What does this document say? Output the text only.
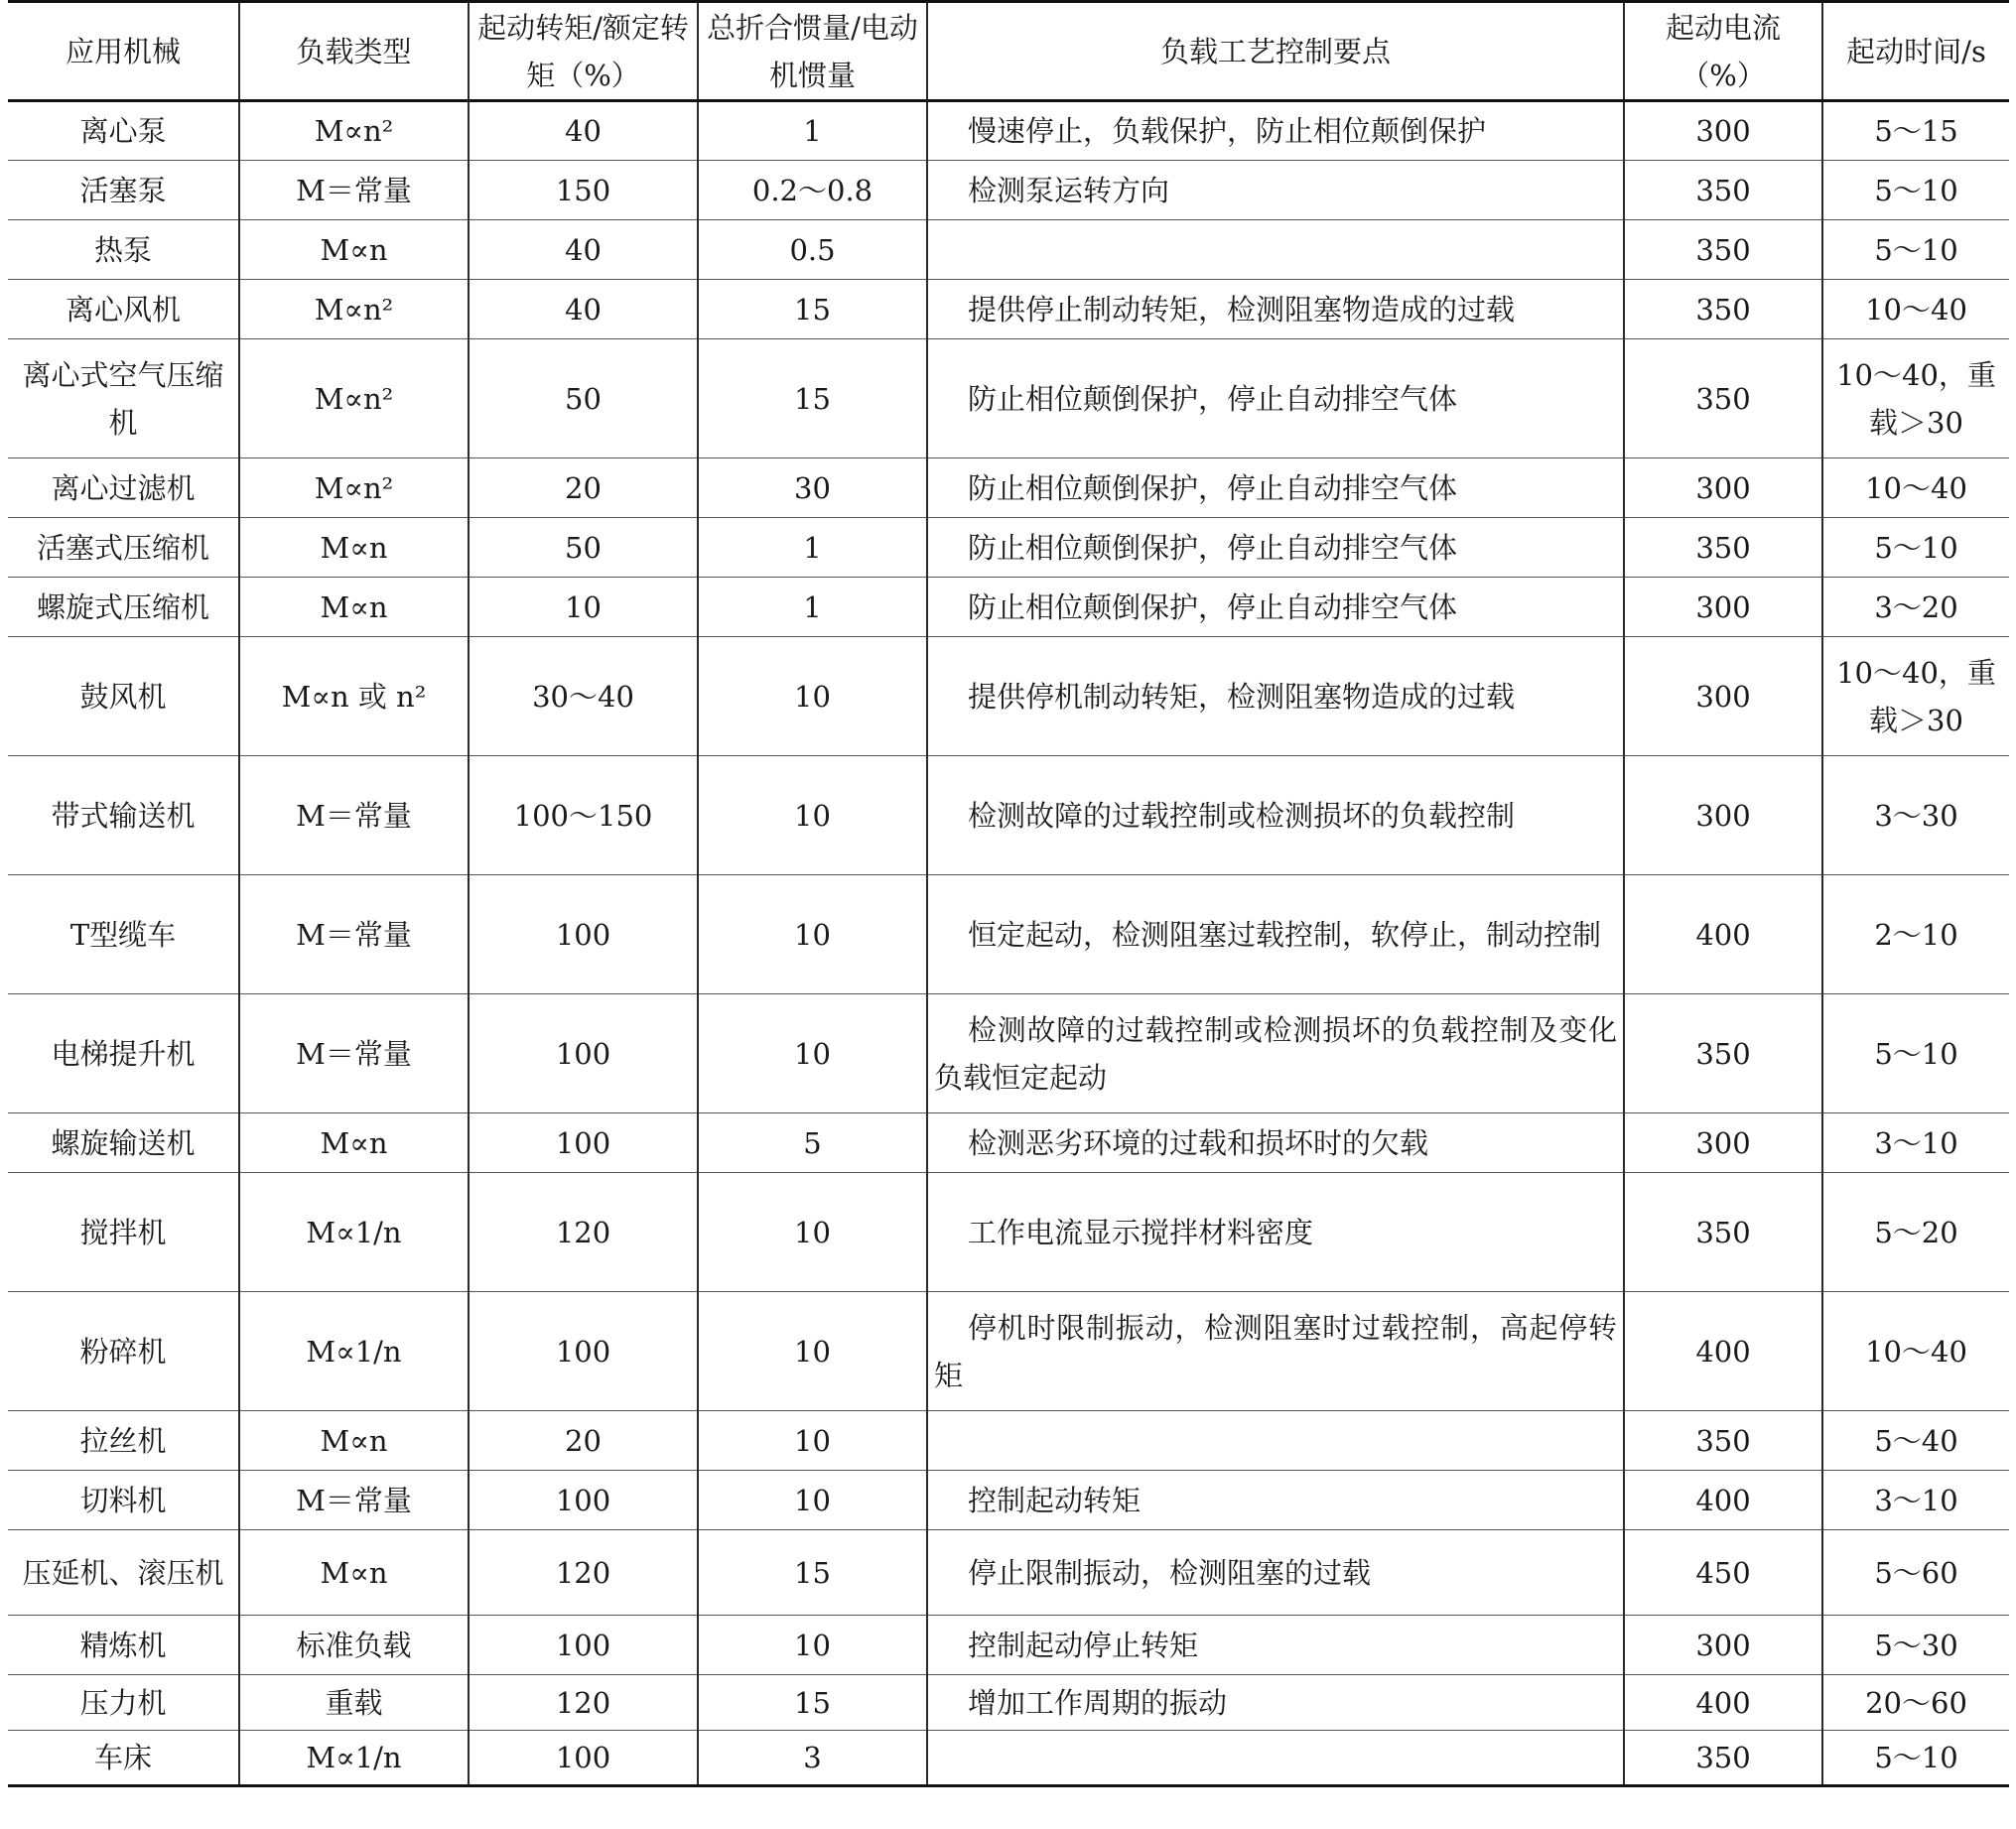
应用机械	负载类型	起动转矩/额定转矩（%）	总折合惯量/电动机惯量	负载工艺控制要点	起动电流（%）	起动时间/s
离心泵	M∝n²	40	1	慢速停止，负载保护，防止相位颠倒保护	300	5～15
活塞泵	M＝常量	150	0.2～0.8	检测泵运转方向	350	5～10
热泵	M∝n	40	0.5		350	5～10
离心风机	M∝n²	40	15	提供停止制动转矩，检测阻塞物造成的过载	350	10～40
离心式空气压缩机	M∝n²	50	15	防止相位颠倒保护，停止自动排空气体	350	10～40，重载＞30
离心过滤机	M∝n²	20	30	防止相位颠倒保护，停止自动排空气体	300	10～40
活塞式压缩机	M∝n	50	1	防止相位颠倒保护，停止自动排空气体	350	5～10
螺旋式压缩机	M∝n	10	1	防止相位颠倒保护，停止自动排空气体	300	3～20
鼓风机	M∝n 或 n²	30～40	10	提供停机制动转矩，检测阻塞物造成的过载	300	10～40，重载＞30
带式输送机	M＝常量	100～150	10	检测故障的过载控制或检测损坏的负载控制	300	3～30
T型缆车	M＝常量	100	10	恒定起动，检测阻塞过载控制，软停止，制动控制	400	2～10
电梯提升机	M＝常量	100	10	检测故障的过载控制或检测损坏的负载控制及变化负载恒定起动	350	5～10
螺旋输送机	M∝n	100	5	检测恶劣环境的过载和损坏时的欠载	300	3～10
搅拌机	M∝1/n	120	10	工作电流显示搅拌材料密度	350	5～20
粉碎机	M∝1/n	100	10	停机时限制振动，检测阻塞时过载控制，高起停转矩	400	10～40
拉丝机	M∝n	20	10		350	5～40
切料机	M＝常量	100	10	控制起动转矩	400	3～10
压延机、滚压机	M∝n	120	15	停止限制振动，检测阻塞的过载	450	5～60
精炼机	标准负载	100	10	控制起动停止转矩	300	5～30
压力机	重载	120	15	增加工作周期的振动	400	20～60
车床	M∝1/n	100	3		350	5～10
